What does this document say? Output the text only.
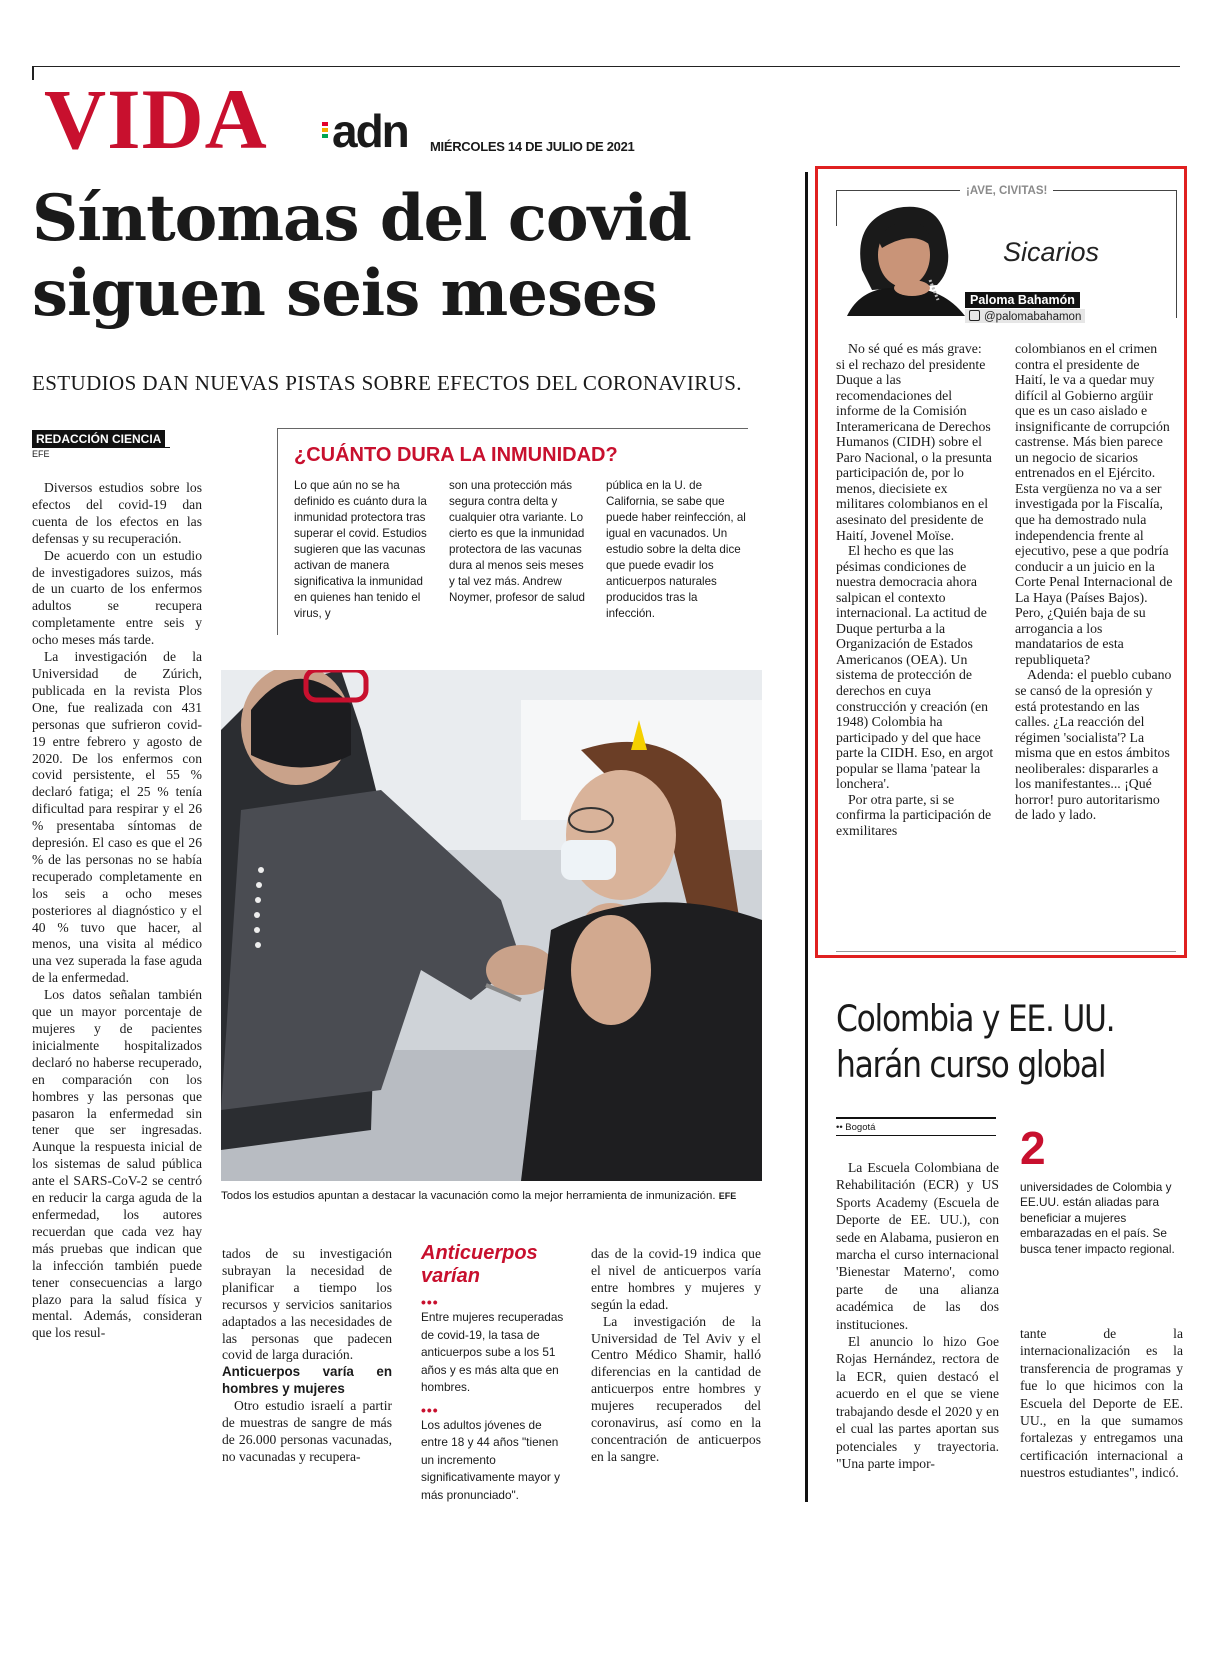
VIDA adn MIÉRCOLES 14 DE JULIO DE 2021
Síntomas del covid siguen seis meses
ESTUDIOS DAN NUEVAS PISTAS SOBRE EFECTOS DEL CORONAVIRUS.
REDACCIÓN CIENCIA
EFE

Diversos estudios sobre los efectos del covid-19 dan cuenta de los efectos en las defensas y su recuperación.

De acuerdo con un estudio de investigadores suizos, más de un cuarto de los enfermos adultos se recupera completamente entre seis y ocho meses más tarde.

La investigación de la Universidad de Zúrich, publicada en la revista Plos One, fue realizada con 431 personas que sufrieron covid-19 entre febrero y agosto de 2020. De los enfermos con covid persistente, el 55 % declaró fatiga; el 25 % tenía dificultad para respirar y el 26 % presentaba síntomas de depresión. El caso es que el 26 % de las personas no se había recuperado completamente en los seis a ocho meses posteriores al diagnóstico y el 40 % tuvo que hacer, al menos, una visita al médico una vez superada la fase aguda de la enfermedad.

Los datos señalan también que un mayor porcentaje de mujeres y de pacientes inicialmente hospitalizados declaró no haberse recuperado, en comparación con los hombres y las personas que pasaron la enfermedad sin tener que ser ingresadas. Aunque la respuesta inicial de los sistemas de salud pública ante el SARS-CoV-2 se centró en reducir la carga aguda de la enfermedad, los autores recuerdan que cada vez hay más pruebas que indican que la infección también puede tener consecuencias a largo plazo para la salud física y mental. Además, consideran que los resul-

¿CUÁNTO DURA LA INMUNIDAD?
Lo que aún no se ha definido es cuánto dura la inmunidad protectora tras superar el covid. Estudios sugieren que las vacunas activan de manera significativa la inmunidad en quienes han tenido el virus, y
son una protección más segura contra delta y cualquier otra variante. Lo cierto es que la inmunidad protectora de las vacunas dura al menos seis meses y tal vez más. Andrew Noymer, profesor de salud
pública en la U. de California, se sabe que puede haber reinfección, al igual en vacunados. Un estudio sobre la delta dice que puede evadir los anticuerpos naturales producidos tras la infección.
Todos los estudios apuntan a destacar la vacunación como la mejor herramienta de inmunización. EFE

tados de su investigación subrayan la necesidad de planificar a tiempo los recursos y servicios sanitarios adaptados a las necesidades de las personas que padecen covid de larga duración.

Anticuerpos varía en hombres y mujeres

Otro estudio israelí a partir de muestras de sangre de más de 26.000 personas vacunadas, no vacunadas y recupera-

Anticuerpos varían
•••
Entre mujeres recuperadas de covid-19, la tasa de anticuerpos sube a los 51 años y es más alta que en hombres.
•••
Los adultos jóvenes de entre 18 y 44 años "tienen un incremento significativamente mayor y más pronunciado".

das de la covid-19 indica que el nivel de anticuerpos varía entre hombres y mujeres y según la edad.

La investigación de la Universidad de Tel Aviv y el Centro Médico Shamir, halló diferencias en la cantidad de anticuerpos entre hombres y mujeres recuperados del coronavirus, así como en la concentración de anticuerpos en la sangre.

¡AVE, CIVITAS!
Sicarios
Paloma Bahamón
@palomabahamon

No sé qué es más grave: si el rechazo del presidente Duque a las recomendaciones del informe de la Comisión Interamericana de Derechos Humanos (CIDH) sobre el Paro Nacional, o la presunta participación de, por lo menos, diecisiete ex militares colombianos en el asesinato del presidente de Haití, Jovenel Moïse.

El hecho es que las pésimas condiciones de nuestra democracia ahora salpican el contexto internacional. La actitud de Duque perturba a la Organización de Estados Americanos (OEA). Un sistema de protección de derechos en cuya construcción y creación (en 1948) Colombia ha participado y del que hace parte la CIDH. Eso, en argot popular se llama 'patear la lonchera'.

Por otra parte, si se confirma la participación de exmilitares

colombianos en el crimen contra el presidente de Haití, le va a quedar muy difícil al Gobierno argüir que es un caso aislado e insignificante de corrupción castrense. Más bien parece un negocio de sicarios entrenados en el Ejército. Esta vergüenza no va a ser investigada por la Fiscalía, que ha demostrado nula independencia frente al ejecutivo, pese a que podría conducir a un juicio en la Corte Penal Internacional de La Haya (Países Bajos). Pero, ¿Quién baja de su arrogancia a los mandatarios de esta republiqueta?

Adenda: el pueblo cubano se cansó de la opresión y está protestando en las calles. ¿La reacción del régimen 'socialista'? La misma que en estos ámbitos neoliberales: dispararles a los manifestantes... ¡Qué horror! puro autoritarismo de lado y lado.

Colombia y EE. UU. harán curso global
•• Bogotá	2
universidades de Colombia y EE.UU. están aliadas para beneficiar a mujeres embarazadas en el país. Se busca tener impacto regional.

La Escuela Colombiana de Rehabilitación (ECR) y US Sports Academy (Escuela de Deporte de EE. UU.), con sede en Alabama, pusieron en marcha el curso internacional 'Bienestar Materno', como parte de una alianza académica de las dos instituciones.

El anuncio lo hizo Goe Rojas Hernández, rectora de la ECR, quien destacó el acuerdo en el que se viene trabajando desde el 2020 y en el cual las partes aportan sus potenciales y trayectoria. "Una parte impor-

tante de la internacionalización es la transferencia de programas y fue lo que hicimos con la Escuela del Deporte de EE. UU., en la que sumamos fortalezas y entregamos una certificación internacional a nuestros estudiantes", indicó.
